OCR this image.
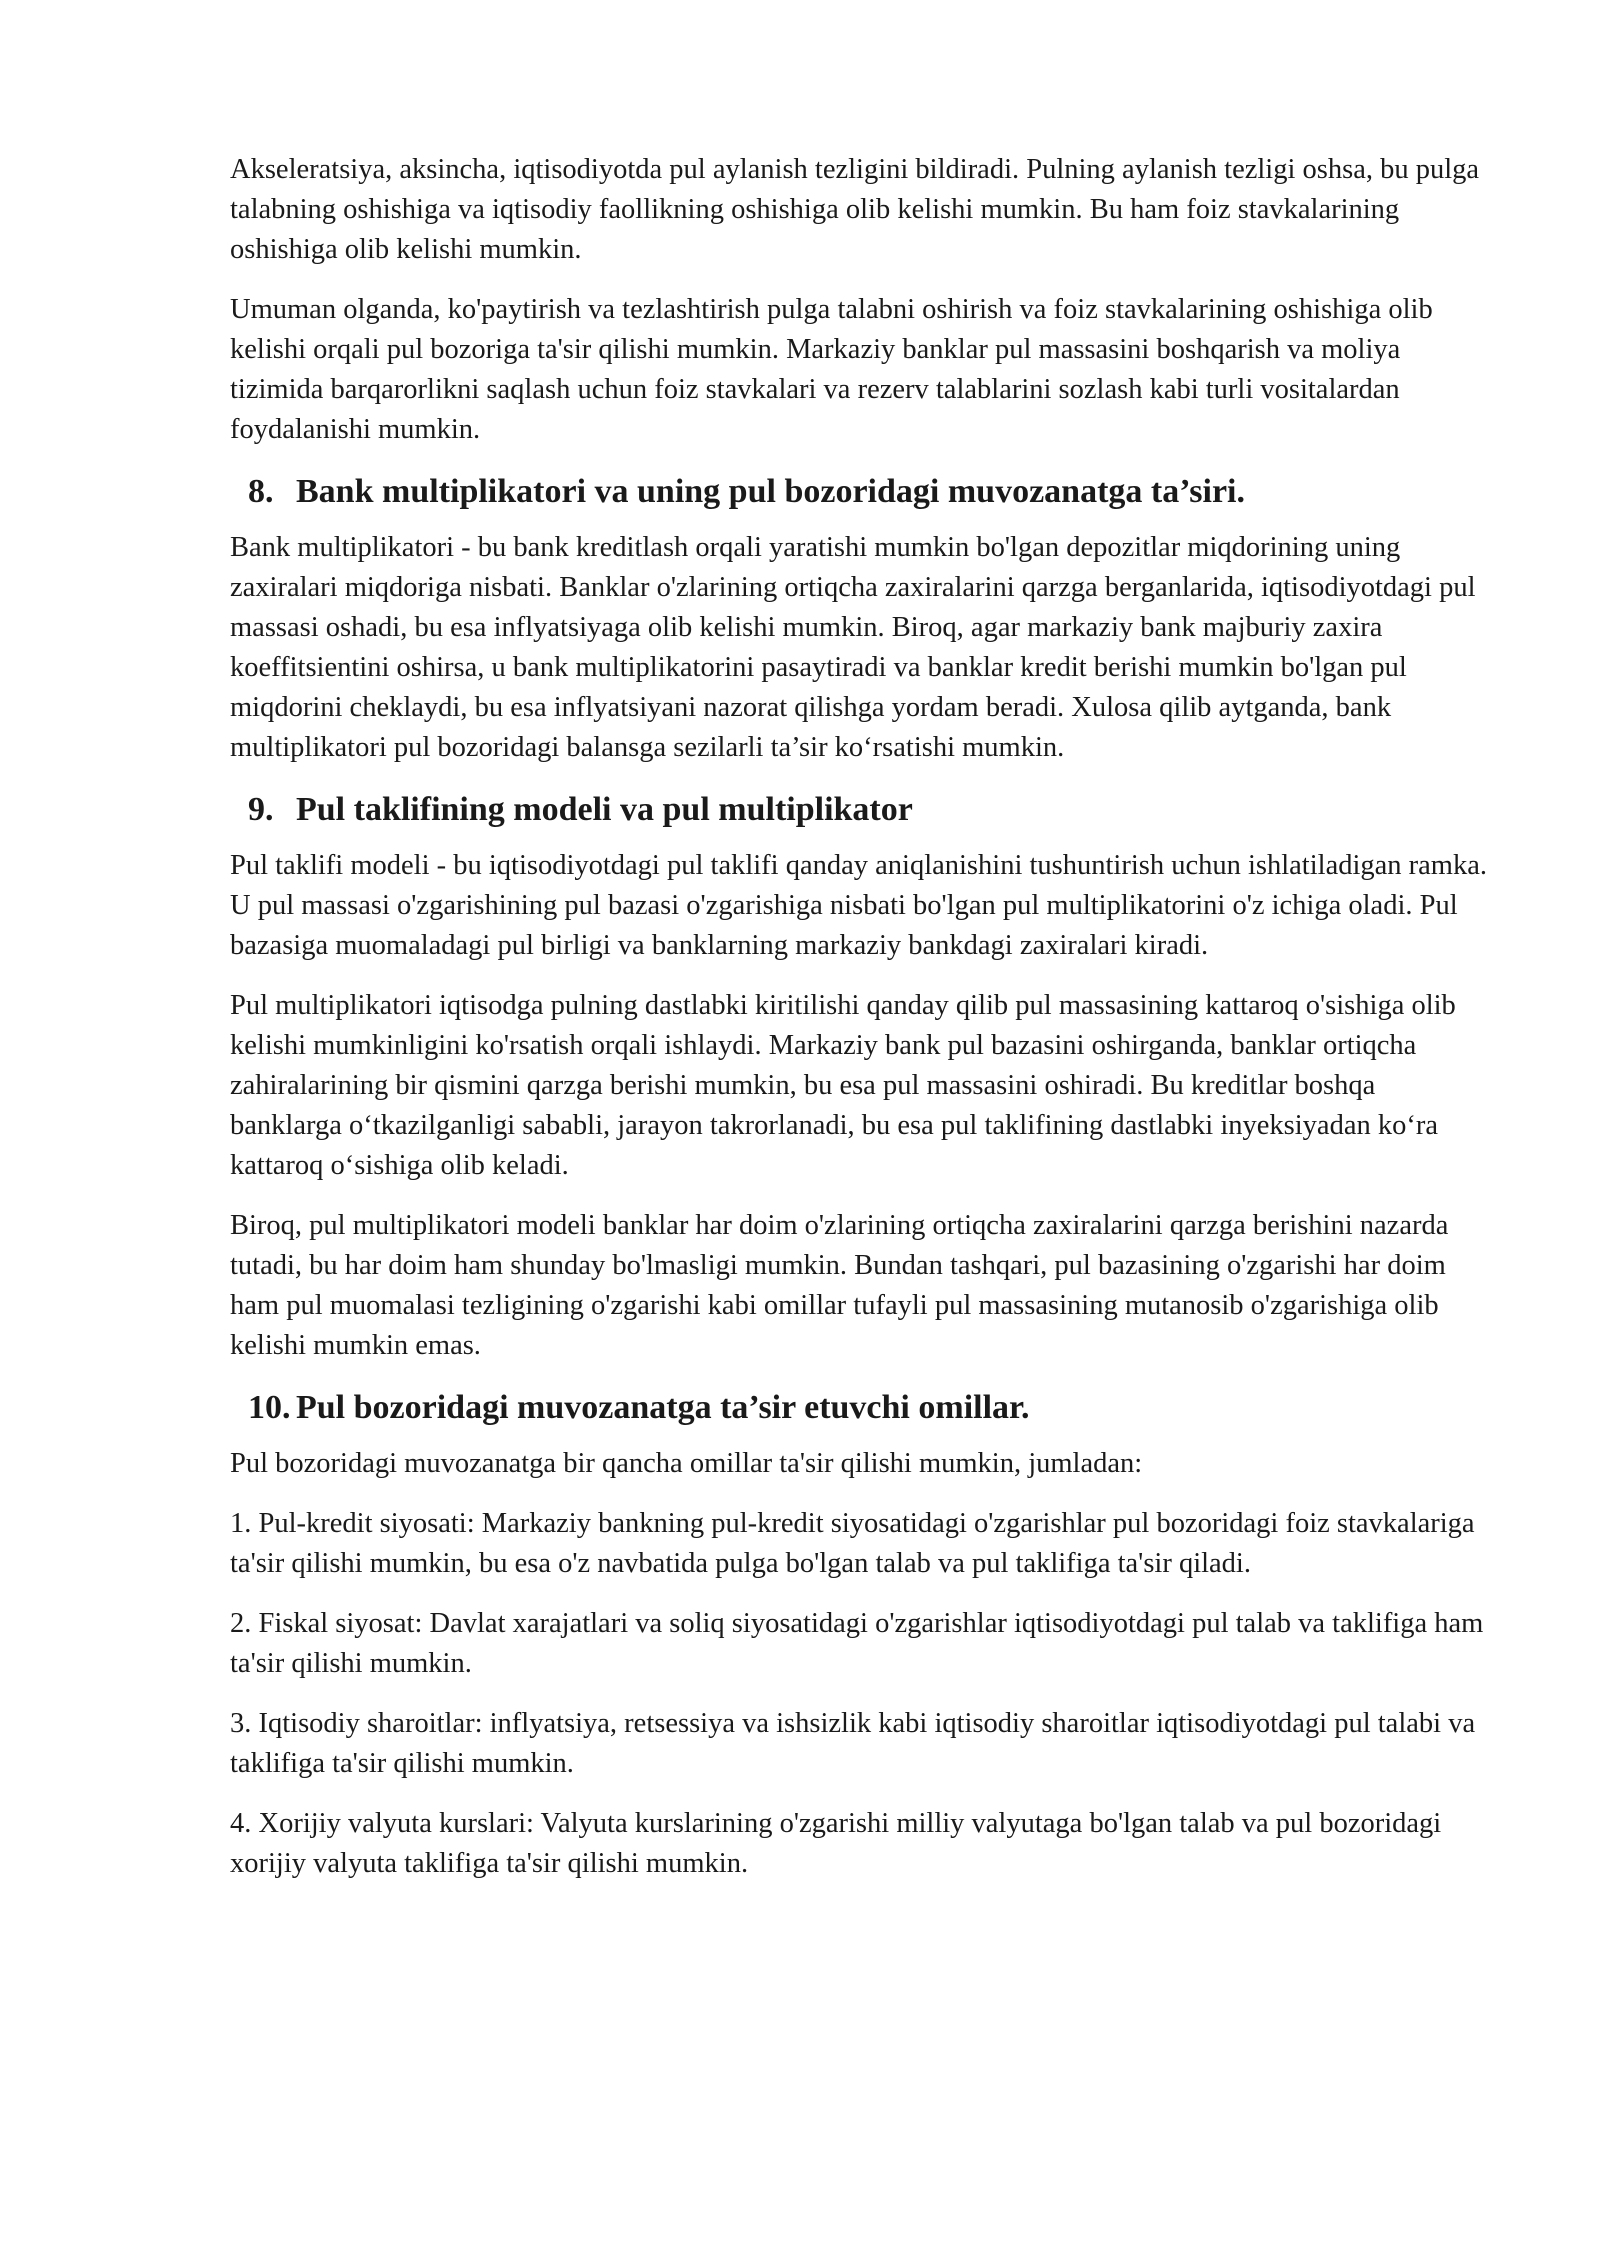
Akseleratsiya, aksincha, iqtisodiyotda pul aylanish tezligini bildiradi. Pulning aylanish tezligi oshsa, bu pulga talabning oshishiga va iqtisodiy faollikning oshishiga olib kelishi mumkin. Bu ham foiz stavkalarining oshishiga olib kelishi mumkin.

Umuman olganda, ko'paytirish va tezlashtirish pulga talabni oshirish va foiz stavkalarining oshishiga olib kelishi orqali pul bozoriga ta'sir qilishi mumkin. Markaziy banklar pul massasini boshqarish va moliya tizimida barqarorlikni saqlash uchun foiz stavkalari va rezerv talablarini sozlash kabi turli vositalardan foydalanishi mumkin.

8. Bank multiplikatori va uning pul bozoridagi muvozanatga ta’siri.

Bank multiplikatori - bu bank kreditlash orqali yaratishi mumkin bo'lgan depozitlar miqdorining uning zaxiralari miqdoriga nisbati. Banklar o'zlarining ortiqcha zaxiralarini qarzga berganlarida, iqtisodiyotdagi pul massasi oshadi, bu esa inflyatsiyaga olib kelishi mumkin. Biroq, agar markaziy bank majburiy zaxira koeffitsientini oshirsa, u bank multiplikatorini pasaytiradi va banklar kredit berishi mumkin bo'lgan pul miqdorini cheklaydi, bu esa inflyatsiyani nazorat qilishga yordam beradi. Xulosa qilib aytganda, bank multiplikatori pul bozoridagi balansga sezilarli ta’sir ko‘rsatishi mumkin.

9. Pul taklifining modeli va pul multiplikator

Pul taklifi modeli - bu iqtisodiyotdagi pul taklifi qanday aniqlanishini tushuntirish uchun ishlatiladigan ramka. U pul massasi o'zgarishining pul bazasi o'zgarishiga nisbati bo'lgan pul multiplikatorini o'z ichiga oladi. Pul bazasiga muomaladagi pul birligi va banklarning markaziy bankdagi zaxiralari kiradi.

Pul multiplikatori iqtisodga pulning dastlabki kiritilishi qanday qilib pul massasining kattaroq o'sishiga olib kelishi mumkinligini ko'rsatish orqali ishlaydi. Markaziy bank pul bazasini oshirganda, banklar ortiqcha zahiralarining bir qismini qarzga berishi mumkin, bu esa pul massasini oshiradi. Bu kreditlar boshqa banklarga o‘tkazilganligi sababli, jarayon takrorlanadi, bu esa pul taklifining dastlabki inyeksiyadan ko‘ra kattaroq o‘sishiga olib keladi.

Biroq, pul multiplikatori modeli banklar har doim o'zlarining ortiqcha zaxiralarini qarzga berishini nazarda tutadi, bu har doim ham shunday bo'lmasligi mumkin. Bundan tashqari, pul bazasining o'zgarishi har doim ham pul muomalasi tezligining o'zgarishi kabi omillar tufayli pul massasining mutanosib o'zgarishiga olib kelishi mumkin emas.

10. Pul bozoridagi muvozanatga ta’sir etuvchi omillar.

Pul bozoridagi muvozanatga bir qancha omillar ta'sir qilishi mumkin, jumladan:

1. Pul-kredit siyosati: Markaziy bankning pul-kredit siyosatidagi o'zgarishlar pul bozoridagi foiz stavkalariga ta'sir qilishi mumkin, bu esa o'z navbatida pulga bo'lgan talab va pul taklifiga ta'sir qiladi.

2. Fiskal siyosat: Davlat xarajatlari va soliq siyosatidagi o'zgarishlar iqtisodiyotdagi pul talab va taklifiga ham ta'sir qilishi mumkin.

3. Iqtisodiy sharoitlar: inflyatsiya, retsessiya va ishsizlik kabi iqtisodiy sharoitlar iqtisodiyotdagi pul talabi va taklifiga ta'sir qilishi mumkin.

4. Xorijiy valyuta kurslari: Valyuta kurslarining o'zgarishi milliy valyutaga bo'lgan talab va pul bozoridagi xorijiy valyuta taklifiga ta'sir qilishi mumkin.
